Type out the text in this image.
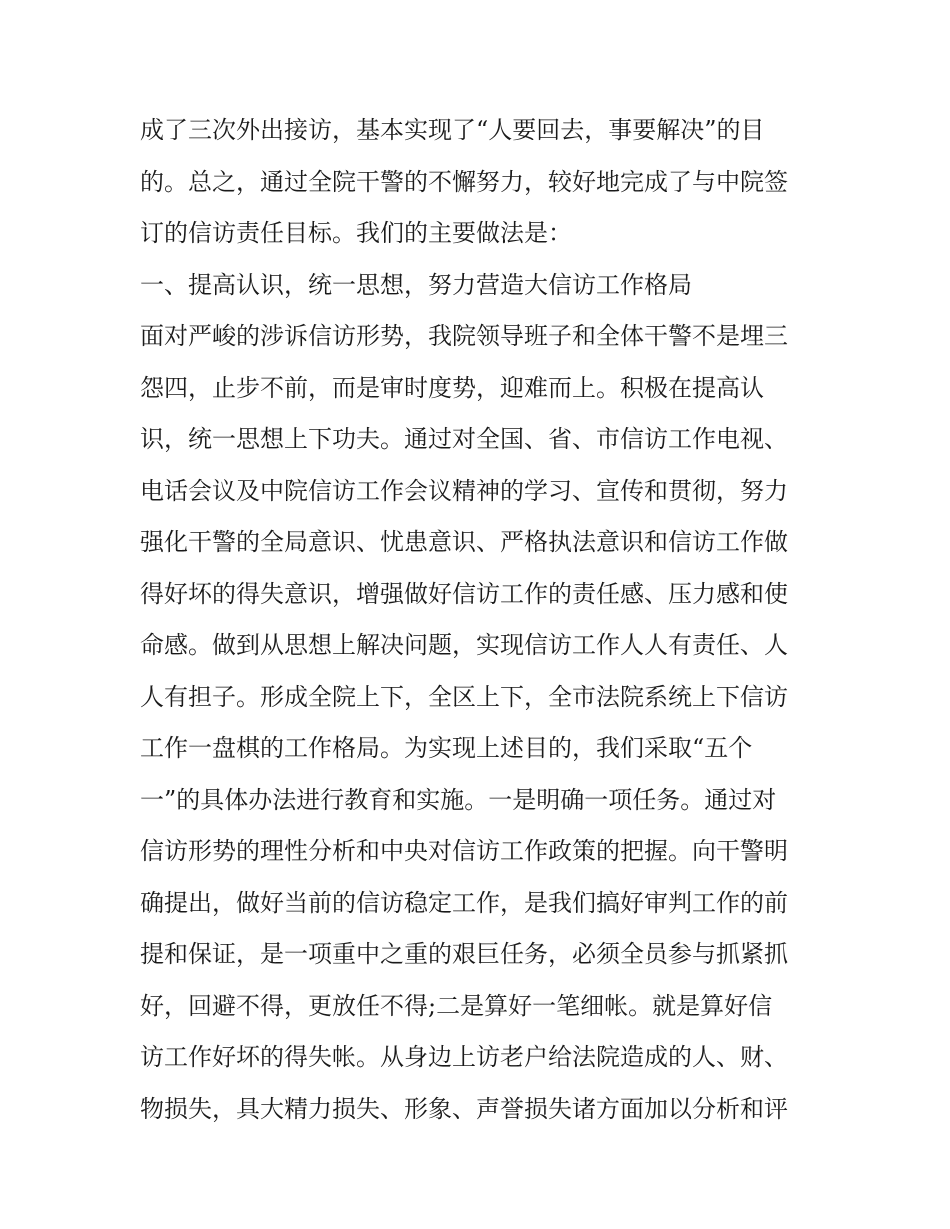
成了三次外出接访，基本实现了“人要回去，事要解决”的目
的。总之，通过全院干警的不懈努力，较好地完成了与中院签
订的信访责任目标。我们的主要做法是：
一、提高认识，统一思想，努力营造大信访工作格局
面对严峻的涉诉信访形势，我院领导班子和全体干警不是埋三
怨四，止步不前，而是审时度势，迎难而上。积极在提高认
识，统一思想上下功夫。通过对全国、省、市信访工作电视、
电话会议及中院信访工作会议精神的学习、宣传和贯彻，努力
强化干警的全局意识、忧患意识、严格执法意识和信访工作做
得好坏的得失意识，增强做好信访工作的责任感、压力感和使
命感。做到从思想上解决问题，实现信访工作人人有责任、人
人有担子。形成全院上下，全区上下，全市法院系统上下信访
工作一盘棋的工作格局。为实现上述目的，我们采取“五个
一”的具体办法进行教育和实施。一是明确一项任务。通过对
信访形势的理性分析和中央对信访工作政策的把握。向干警明
确提出，做好当前的信访稳定工作，是我们搞好审判工作的前
提和保证，是一项重中之重的艰巨任务，必须全员参与抓紧抓
好，回避不得，更放任不得;二是算好一笔细帐。就是算好信
访工作好坏的得失帐。从身边上访老户给法院造成的人、财、
物损失，具大精力损失、形象、声誉损失诸方面加以分析和评
